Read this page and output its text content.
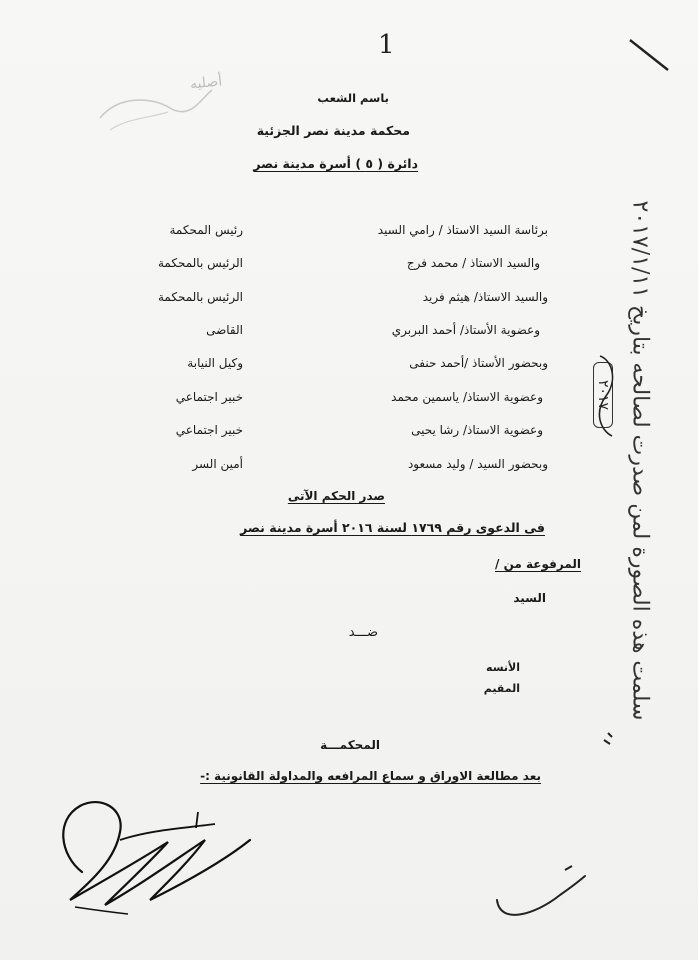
1
أصليه
باسم الشعب
محكمة مدينة نصر الجزئية
دائرة ( ٥ ) أسرة مدينة نصر
برئاسة السيد الاستاذ / رامي السيد
والسيد الاستاذ / محمد فرج
والسيد الاستاذ/ هيثم فريد
وعضوية الأستاذ/ أحمد البربري
وبحضور الأستاذ /أحمد حنفى
وعضوية الاستاذ/ ياسمين محمد
وعضوية الاستاذ/ رشا يحيى
وبحضور السيد / وليد مسعود
رئيس المحكمة
الرئيس بالمحكمة
الرئيس بالمحكمة
القاضى
وكيل النيابة
خبير اجتماعي
خبير اجتماعي
أمين السر
صدر الحكم الآتى
فى الدعوى رقم ١٧٦٩ لسنة ٢٠١٦ أسرة مدينة نصر
المرفوعة من /
السيد
ضـــد
الأنسه
المقيم
المحكمـــة
بعد مطالعة الاوراق و سماع المرافعه والمداولة القانونية :-
سلمت هذه الصورة لمن صدرت لصالحه بتاريخ ٢٠١٧/١/١١
٢٠١٧
